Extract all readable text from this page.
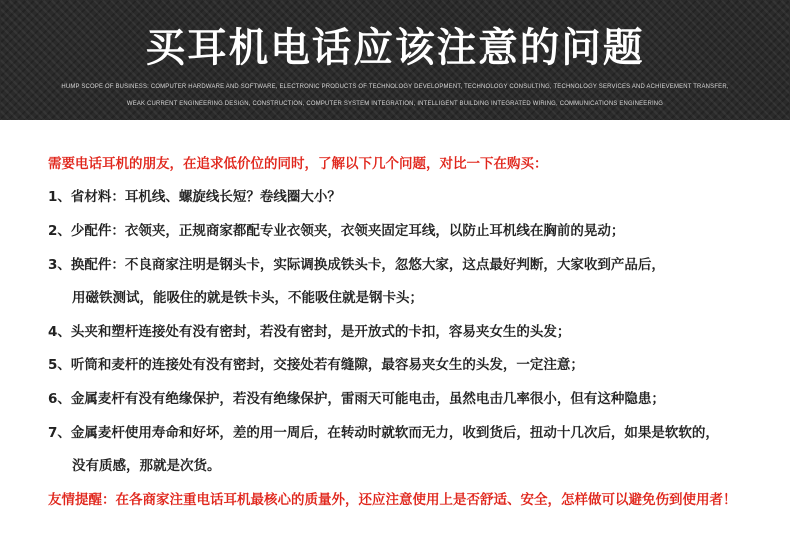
买耳机电话应该注意的问题
HUMP SCOPE OF BUSINESS: COMPUTER HARDWARE AND SOFTWARE, ELECTRONIC PRODUCTS OF TECHNOLOGY DEVELOPMENT, TECHNOLOGY CONSULTING, TECHNOLOGY SERVICES AND ACHIEVEMENT TRANSFER,
WEAK CURRENT ENGINEERING DESIGN, CONSTRUCTION, COMPUTER SYSTEM INTEGRATION, INTELLIGENT BUILDING INTEGRATED WIRING, COMMUNICATIONS ENGINEERING
需要电话耳机的朋友，在追求低价位的同时，了解以下几个问题，对比一下在购买：
1、省材料：耳机线、螺旋线长短？卷线圈大小？
2、少配件：衣领夹，正规商家都配专业衣领夹，衣领夹固定耳线，以防止耳机线在胸前的晃动；
3、换配件：不良商家注明是钢头卡，实际调换成铁头卡，忽悠大家，这点最好判断，大家收到产品后，
用磁铁测试，能吸住的就是铁卡头，不能吸住就是钢卡头；
4、头夹和塑杆连接处有没有密封，若没有密封，是开放式的卡扣，容易夹女生的头发；
5、听筒和麦杆的连接处有没有密封，交接处若有缝隙，最容易夹女生的头发，一定注意；
6、金属麦杆有没有绝缘保护，若没有绝缘保护，雷雨天可能电击，虽然电击几率很小，但有这种隐患；
7、金属麦杆使用寿命和好坏，差的用一周后，在转动时就软而无力，收到货后，扭动十几次后，如果是软软的，
没有质感，那就是次货。
友情提醒：在各商家注重电话耳机最核心的质量外，还应注意使用上是否舒适、安全，怎样做可以避免伤到使用者！
